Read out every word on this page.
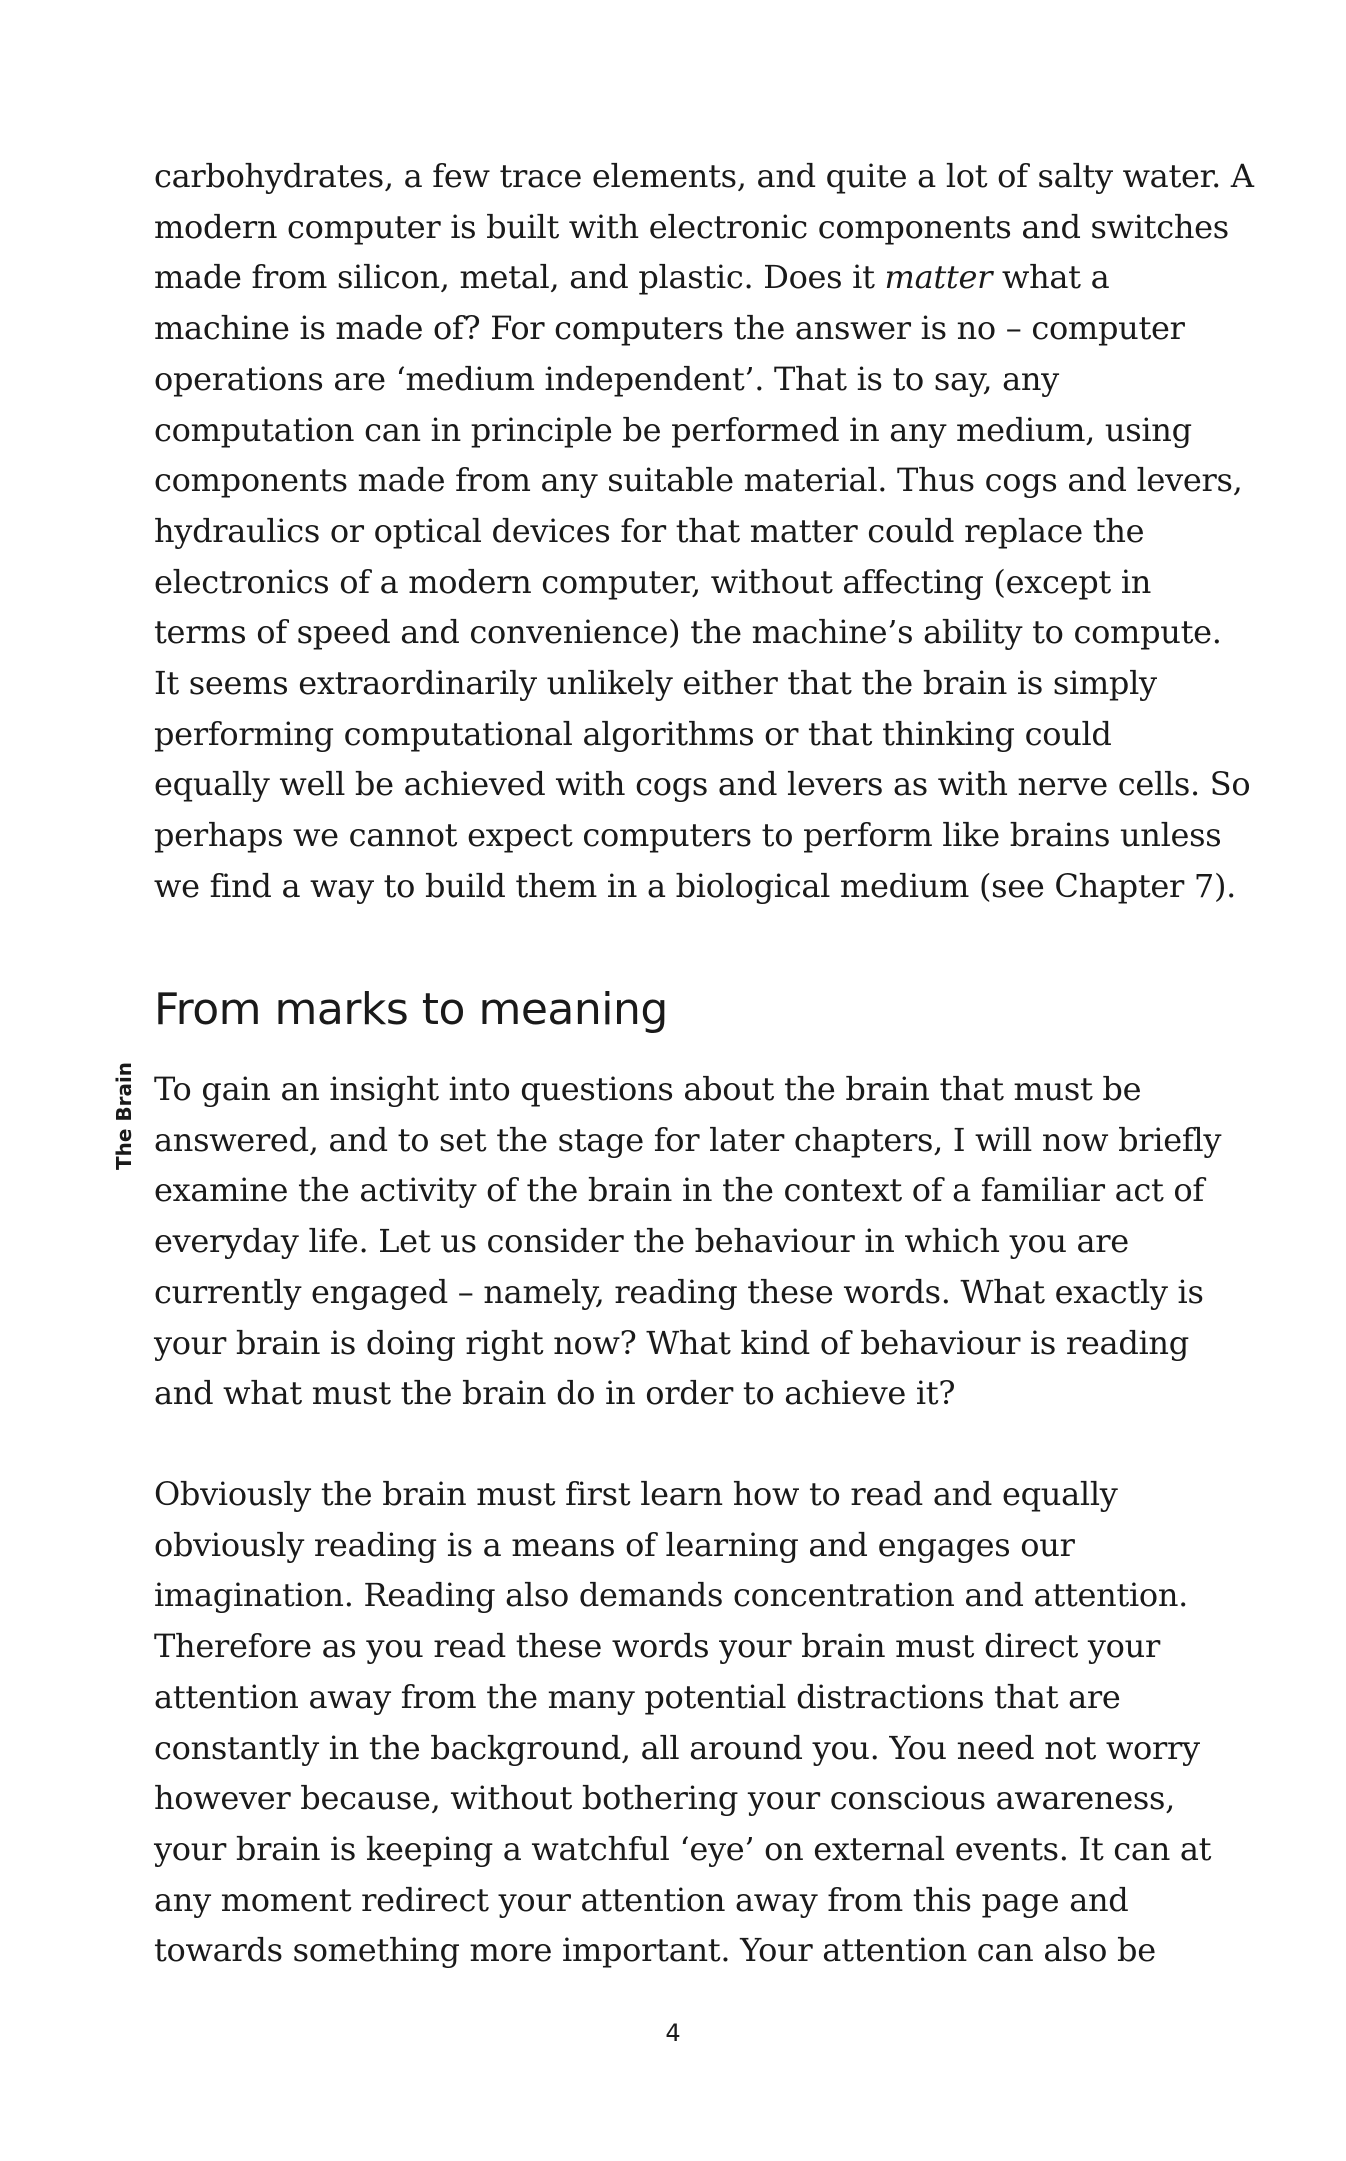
carbohydrates, a few trace elements, and quite a lot of salty water. A
modern computer is built with electronic components and switches
made from silicon, metal, and plastic. Does it matter what a
machine is made of? For computers the answer is no – computer
operations are ‘medium independent’. That is to say, any
computation can in principle be performed in any medium, using
components made from any suitable material. Thus cogs and levers,
hydraulics or optical devices for that matter could replace the
electronics of a modern computer, without affecting (except in
terms of speed and convenience) the machine’s ability to compute.
It seems extraordinarily unlikely either that the brain is simply
performing computational algorithms or that thinking could
equally well be achieved with cogs and levers as with nerve cells. So
perhaps we cannot expect computers to perform like brains unless
we find a way to build them in a biological medium (see Chapter 7).
The Brain
From marks to meaning
To gain an insight into questions about the brain that must be
answered, and to set the stage for later chapters, I will now briefly
examine the activity of the brain in the context of a familiar act of
everyday life. Let us consider the behaviour in which you are
currently engaged – namely, reading these words. What exactly is
your brain is doing right now? What kind of behaviour is reading
and what must the brain do in order to achieve it?
Obviously the brain must first learn how to read and equally
obviously reading is a means of learning and engages our
imagination. Reading also demands concentration and attention.
Therefore as you read these words your brain must direct your
attention away from the many potential distractions that are
constantly in the background, all around you. You need not worry
however because, without bothering your conscious awareness,
your brain is keeping a watchful ‘eye’ on external events. It can at
any moment redirect your attention away from this page and
towards something more important. Your attention can also be
4
